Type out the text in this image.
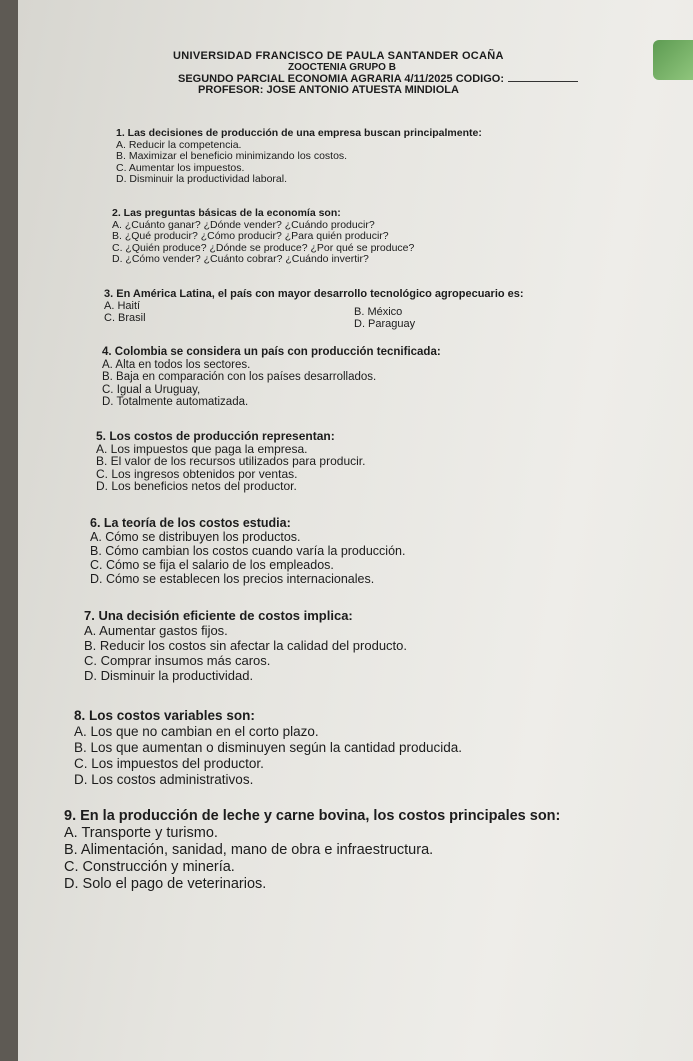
UNIVERSIDAD FRANCISCO DE PAULA SANTANDER OCAÑA
ZOOCTENIA GRUPO B
SEGUNDO PARCIAL ECONOMIA AGRARIA 4/11/2025 CODIGO:
PROFESOR: JOSE ANTONIO ATUESTA MINDIOLA
1. Las decisiones de producción de una empresa buscan principalmente:
A. Reducir la competencia.
B. Maximizar el beneficio minimizando los costos.
C. Aumentar los impuestos.
D. Disminuir la productividad laboral.
2. Las preguntas básicas de la economía son:
A. ¿Cuánto ganar? ¿Dónde vender? ¿Cuándo producir?
B. ¿Qué producir? ¿Cómo producir? ¿Para quién producir?
C. ¿Quién produce? ¿Dónde se produce? ¿Por qué se produce?
D. ¿Cómo vender? ¿Cuánto cobrar? ¿Cuándo invertir?
3. En América Latina, el país con mayor desarrollo tecnológico agropecuario es:
A. Haití	B. México
C. Brasil	D. Paraguay
4. Colombia se considera un país con producción tecnificada:
A. Alta en todos los sectores.
B. Baja en comparación con los países desarrollados.
C. Igual a Uruguay,
D. Totalmente automatizada.
5. Los costos de producción representan:
A. Los impuestos que paga la empresa.
B. El valor de los recursos utilizados para producir.
C. Los ingresos obtenidos por ventas.
D. Los beneficios netos del productor.
6. La teoría de los costos estudia:
A. Cómo se distribuyen los productos.
B. Cómo cambian los costos cuando varía la producción.
C. Cómo se fija el salario de los empleados.
D. Cómo se establecen los precios internacionales.
7. Una decisión eficiente de costos implica:
A. Aumentar gastos fijos.
B. Reducir los costos sin afectar la calidad del producto.
C. Comprar insumos más caros.
D. Disminuir la productividad.
8. Los costos variables son:
A. Los que no cambian en el corto plazo.
B. Los que aumentan o disminuyen según la cantidad producida.
C. Los impuestos del productor.
D. Los costos administrativos.
9. En la producción de leche y carne bovina, los costos principales son:
A. Transporte y turismo.
B. Alimentación, sanidad, mano de obra e infraestructura.
C. Construcción y minería.
D. Solo el pago de veterinarios.
